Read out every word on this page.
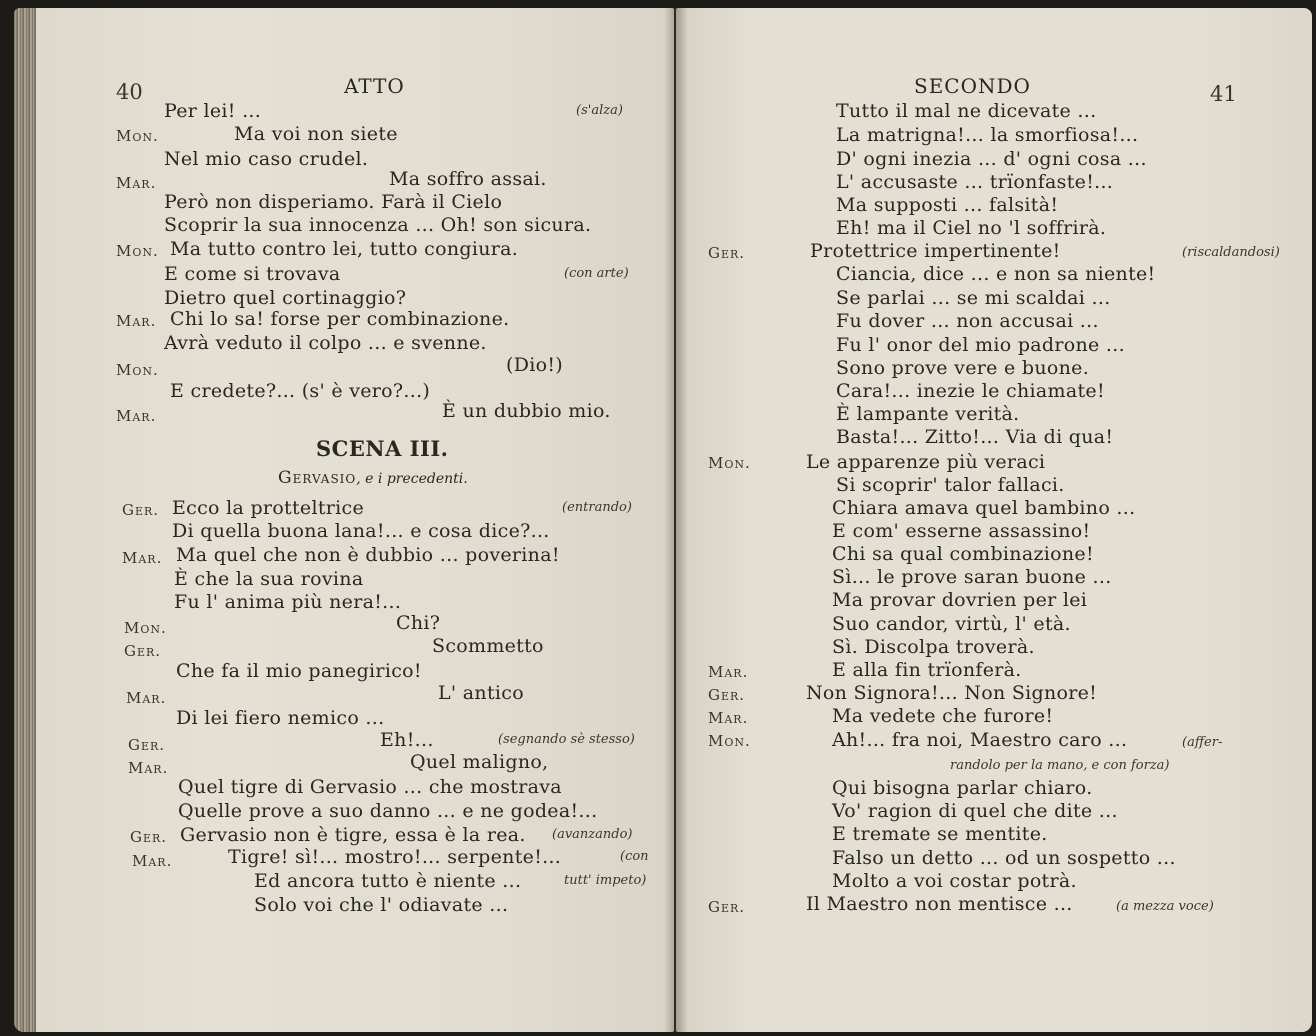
40	ATTO
Per lei! ...	(s'alza)
Mon.	Ma voi non siete
Nel mio caso crudel.
Mar.	Ma soffro assai.
Però non disperiamo. Farà il Cielo
Scoprir la sua innocenza ... Oh! son sicura.
Mon. Ma tutto contro lei, tutto congiura.
E come si trovava	(con arte)
Dietro quel cortinaggio?
Mar. Chi lo sa! forse per combinazione.
Avrà veduto il colpo ... e svenne.
Mon.	(Dio!)
E credete?... (s' è vero?...)
Mar.	È un dubbio mio.
SCENA III.
Gervasio, e i precedenti.
Ger. Ecco la protteltrice	(entrando)
Di quella buona lana!... e cosa dice?...
Mar. Ma quel che non è dubbio ... poverina!
È che la sua rovina
Fu l' anima più nera!...
Mon.	Chi?
Ger.	Scommetto
Che fa il mio panegirico!
Mar.	L' antico
Di lei fiero nemico ...
Ger.	Eh!...	(segnando sè stesso)
Mar.	Quel maligno,
Quel tigre di Gervasio ... che mostrava
Quelle prove a suo danno ... e ne godea!...
Ger. Gervasio non è tigre, essa è la rea. (avanzando)
Mar.	Tigre! sì!... mostro!... serpente!...	(con
Ed ancora tutto è niente ...	tutt' impeto)
Solo voi che l' odiavate ...
SECONDO	41
Tutto il mal ne dicevate ...
La matrigna!... la smorfiosa!...
D' ogni inezia ... d' ogni cosa ...
L' accusaste ... trïonfaste!...
Ma supposti ... falsità!
Eh! ma il Ciel no 'l soffrirà.
Ger.	Protettrice impertinente!	(riscaldandosi)
Ciancia, dice ... e non sa niente!
Se parlai ... se mi scaldai ...
Fu dover ... non accusai ...
Fu l' onor del mio padrone ...
Sono prove vere e buone.
Cara!... inezie le chiamate!
È lampante verità.
Basta!... Zitto!... Via di qua!
Mon.	Le apparenze più veraci
Si scoprir' talor fallaci.
Chiara amava quel bambino ...
E com' esserne assassino!
Chi sa qual combinazione!
Sì... le prove saran buone ...
Ma provar dovrien per lei
Suo candor, virtù, l' età.
Sì. Discolpa troverà.
Mar.	E alla fin trïonferà.
Ger.	Non Signora!... Non Signore!
Mar.	Ma vedete che furore!
Mon.	Ah!... fra noi, Maestro caro ...	(affer-
randolo per la mano, e con forza)
Qui bisogna parlar chiaro.
Vo' ragion di quel che dite ...
E tremate se mentite.
Falso un detto ... od un sospetto ...
Molto a voi costar potrà.
Ger.	Il Maestro non mentisce ...	(a mezza voce)
